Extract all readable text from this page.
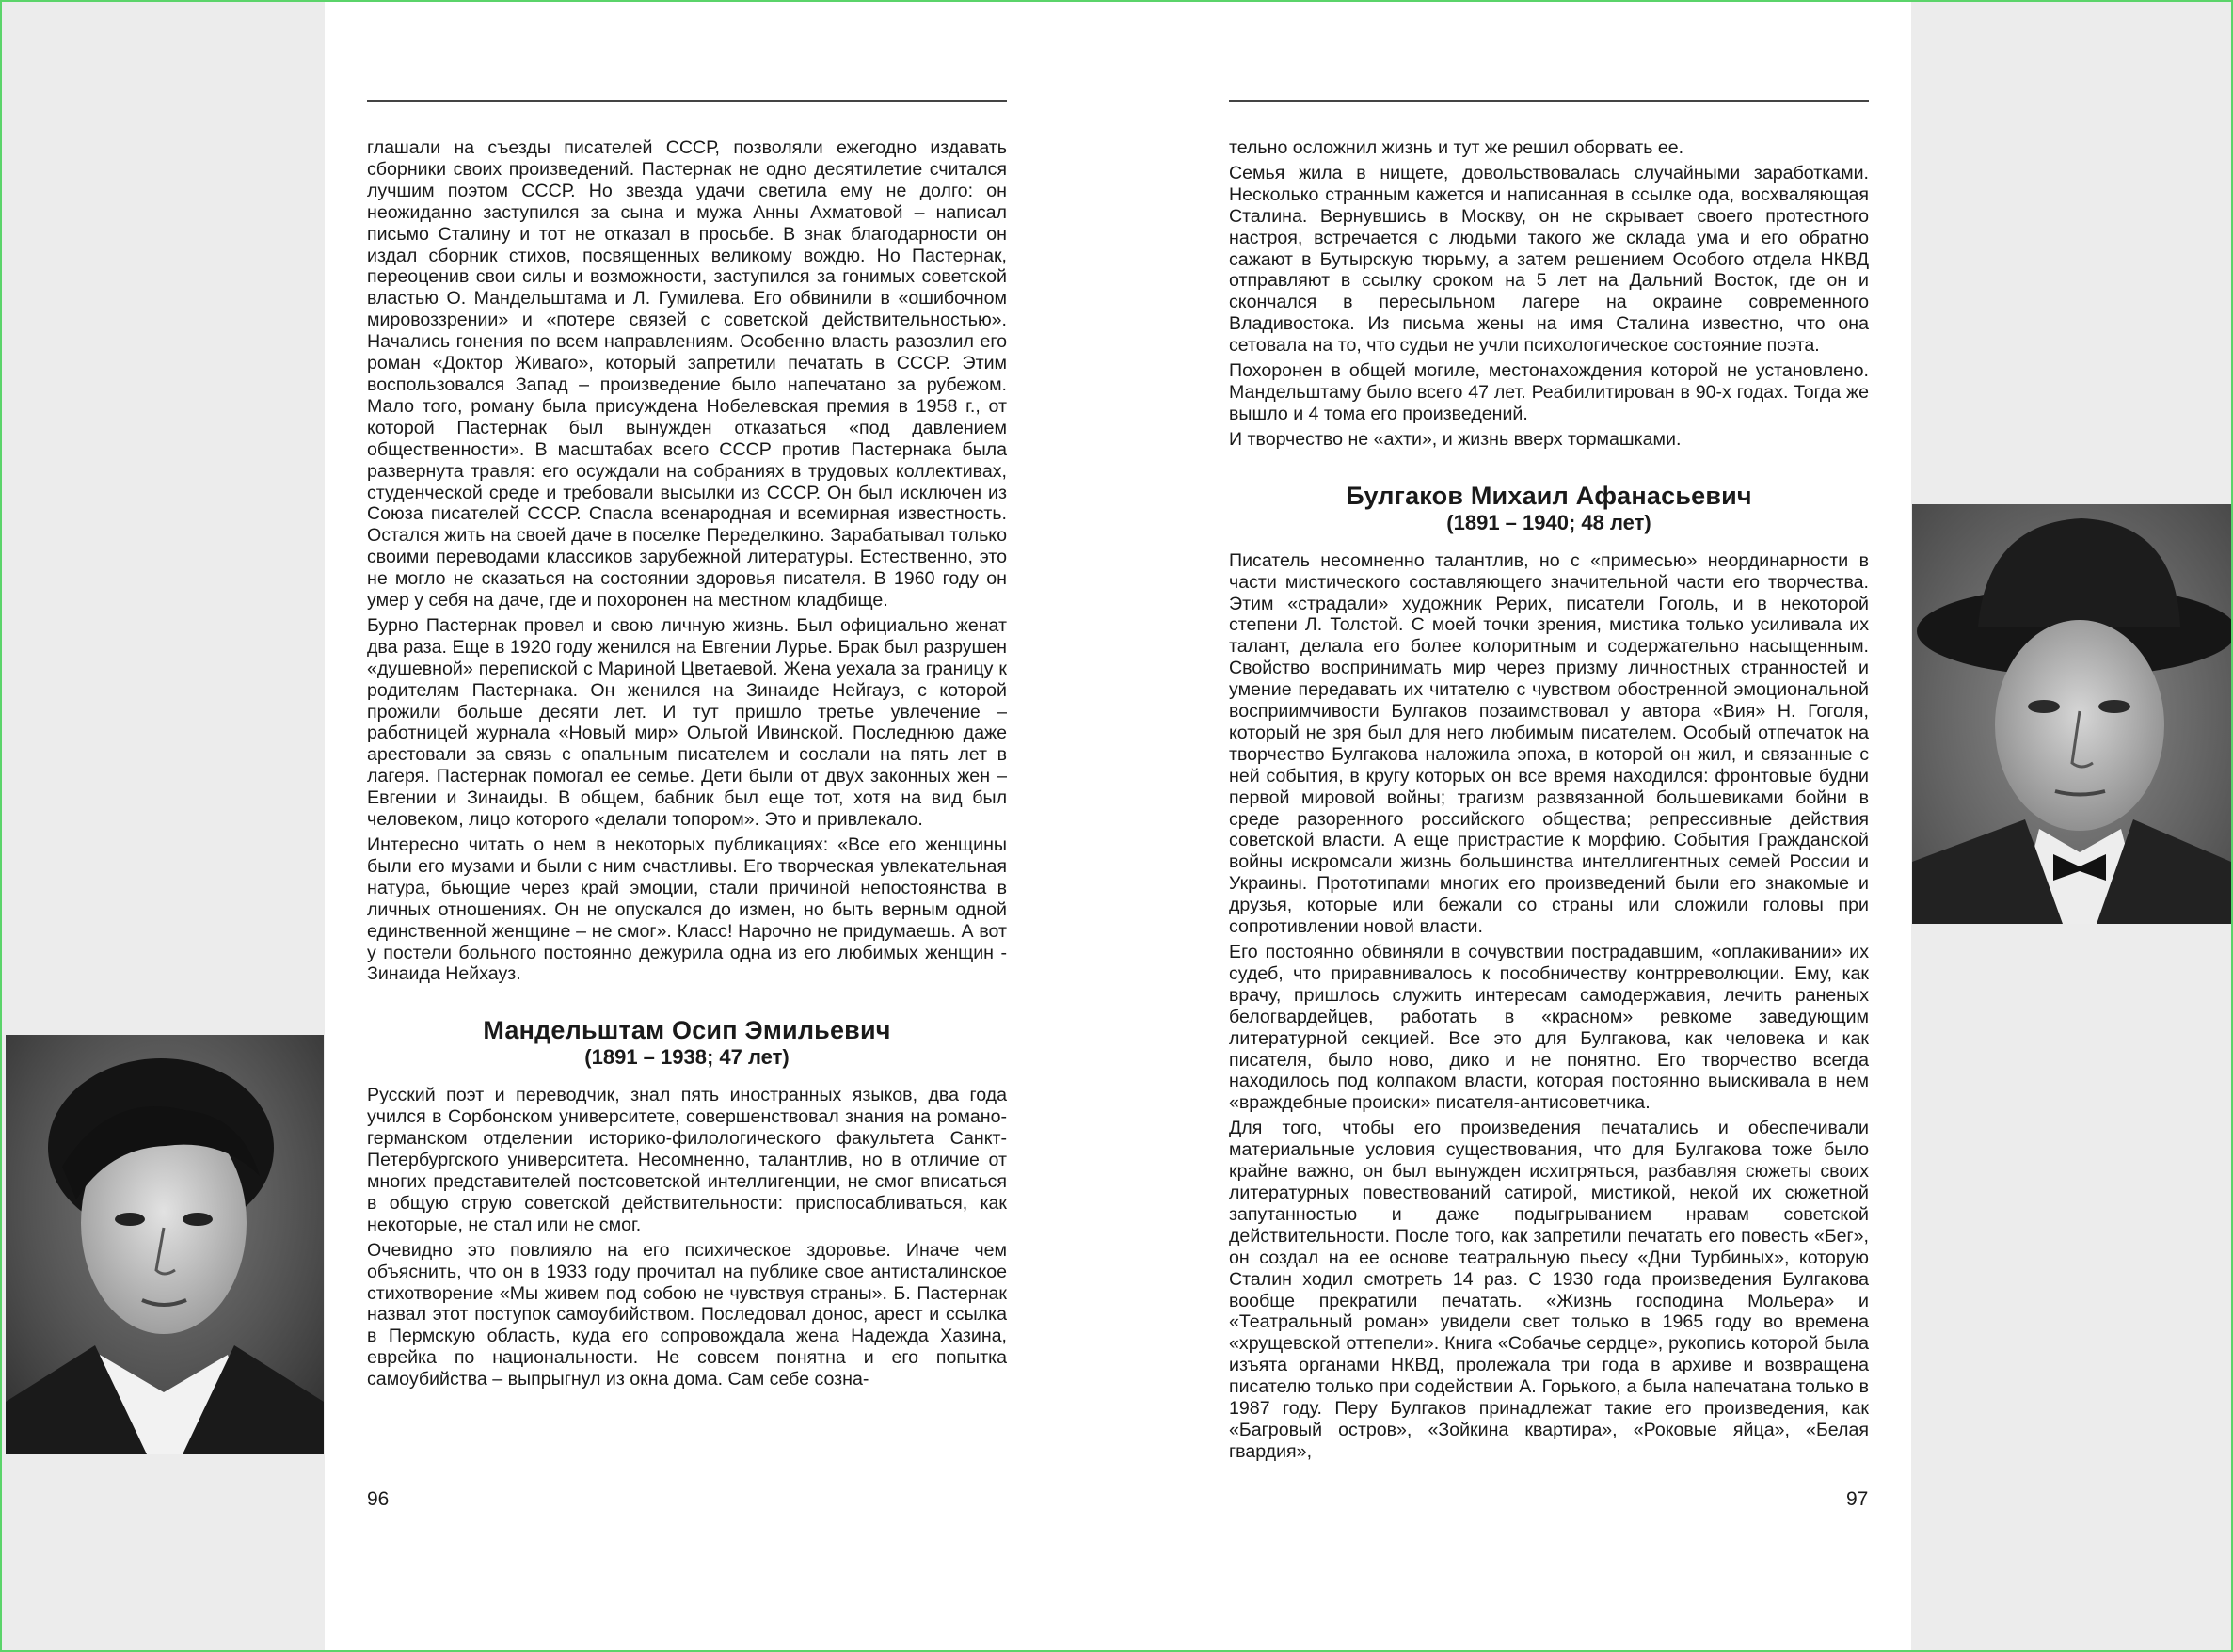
глашали на съезды писателей СССР, позволяли ежегодно издавать сборники своих произведений. Пастернак не одно десятилетие считался лучшим поэтом СССР. Но звезда удачи светила ему не долго: он неожиданно заступился за сына и мужа Анны Ахматовой – написал письмо Сталину и тот не отказал в просьбе. В знак благодарности он издал сборник стихов, посвященных великому вождю. Но Пастернак, переоценив свои силы и возможности, заступился за гонимых советской властью О. Мандельштама и Л. Гумилева. Его обвинили в «ошибочном мировоззрении» и «потере связей с советской действительностью». Начались гонения по всем направлениям. Особенно власть разозлил его роман «Доктор Живаго», который запретили печатать в СССР. Этим воспользовался Запад – произведение было напечатано за рубежом. Мало того, роману была присуждена Нобелевская премия в 1958 г., от которой Пастернак был вынужден отказаться «под давлением общественности». В масштабах всего СССР против Пастернака была развернута травля: его осуждали на собраниях в трудовых коллективах, студенческой среде и требовали высылки из СССР. Он был исключен из Союза писателей СССР. Спасла всенародная и всемирная известность. Остался жить на своей даче в поселке Переделкино. Зарабатывал только своими переводами классиков зарубежной литературы. Естественно, это не могло не сказаться на состоянии здоровья писателя. В 1960 году он умер у себя на даче, где и похоронен на местном кладбище.

Бурно Пастернак провел и свою личную жизнь. Был официально женат два раза. Еще в 1920 году женился на Евгении Лурье. Брак был разрушен «душевной» перепиской с Мариной Цветаевой. Жена уехала за границу к родителям Пастернака. Он женился на Зинаиде Нейгауз, с которой прожили больше десяти лет. И тут пришло третье увлечение – работницей журнала «Новый мир» Ольгой Ивинской. Последнюю даже арестовали за связь с опальным писателем и сослали на пять лет в лагеря. Пастернак помогал ее семье. Дети были от двух законных жен – Евгении и Зинаиды. В общем, бабник был еще тот, хотя на вид был человеком, лицо которого «делали топором». Это и привлекало.

Интересно читать о нем в некоторых публикациях: «Все его женщины были его музами и были с ним счастливы. Его творческая увлекательная натура, бьющие через край эмоции, стали причиной непостоянства в личных отношениях. Он не опускался до измен, но быть верным одной единственной женщине – не смог». Класс! Нарочно не придумаешь. А вот у постели больного постоянно дежурила одна из его любимых женщин - Зинаида Нейхауз.

Мандельштам Осип Эмильевич
(1891 – 1938; 47 лет)

Русский поэт и переводчик, знал пять иностранных языков, два года учился в Сорбонском университете, совершенствовал знания на романо-германском отделении историко-филологического факультета Санкт-Петербургского университета. Несомненно, талантлив, но в отличие от многих представителей постсоветской интеллигенции, не смог вписаться в общую струю советской действительности: приспосабливаться, как некоторые, не стал или не смог.

Очевидно это повлияло на его психическое здоровье. Иначе чем объяснить, что он в 1933 году прочитал на публике свое антисталинское стихотворение «Мы живем под собою не чувствуя страны». Б. Пастернак назвал этот поступок самоубийством. Последовал донос, арест и ссылка в Пермскую область, куда его сопровождала жена Надежда Хазина, еврейка по национальности. Не совсем понятна и его попытка самоубийства – выпрыгнул из окна дома. Сам себе созна-

тельно осложнил жизнь и тут же решил оборвать ее.

Семья жила в нищете, довольствовалась случайными заработками. Несколько странным кажется и написанная в ссылке ода, восхваляющая Сталина. Вернувшись в Москву, он не скрывает своего протестного настроя, встречается с людьми такого же склада ума и его обратно сажают в Бутырскую тюрьму, а затем решением Особого отдела НКВД отправляют в ссылку сроком на 5 лет на Дальний Восток, где он и скончался в пересыльном лагере на окраине современного Владивостока. Из письма жены на имя Сталина известно, что она сетовала на то, что судьи не учли психологическое состояние поэта.

Похоронен в общей могиле, местонахождения которой не установлено. Мандельштаму было всего 47 лет. Реабилитирован в 90-х годах. Тогда же вышло и 4 тома его произведений.

И творчество не «ахти», и жизнь вверх тормашками.

Булгаков Михаил Афанасьевич
(1891 – 1940; 48 лет)

Писатель несомненно талантлив, но с «примесью» неординарности в части мистического составляющего значительной части его творчества. Этим «страдали» художник Рерих, писатели Гоголь, и в некоторой степени Л. Толстой. С моей точки зрения, мистика только усиливала их талант, делала его более колоритным и содержательно насыщенным. Свойство воспринимать мир через призму личностных странностей и умение передавать их читателю с чувством обостренной эмоциональной восприимчивости Булгаков позаимствовал у автора «Вия» Н. Гоголя, который не зря был для него любимым писателем. Особый отпечаток на творчество Булгакова наложила эпоха, в которой он жил, и связанные с ней события, в кругу которых он все время находился: фронтовые будни первой мировой войны; трагизм развязанной большевиками бойни в среде разоренного российского общества; репрессивные действия советской власти. А еще пристрастие к морфию. События Гражданской войны искромсали жизнь большинства интеллигентных семей России и Украины. Прототипами многих его произведений были его знакомые и друзья, которые или бежали со страны или сложили головы при сопротивлении новой власти.

Его постоянно обвиняли в сочувствии пострадавшим, «оплакивании» их судеб, что приравнивалось к пособничеству контрреволюции. Ему, как врачу, пришлось служить интересам самодержавия, лечить раненых белогвардейцев, работать в «красном» ревкоме заведующим литературной секцией. Все это для Булгакова, как человека и как писателя, было ново, дико и не понятно. Его творчество всегда находилось под колпаком власти, которая постоянно выискивала в нем «враждебные происки» писателя-антисоветчика.

Для того, чтобы его произведения печатались и обеспечивали материальные условия существования, что для Булгакова тоже было крайне важно, он был вынужден исхитряться, разбавляя сюжеты своих литературных повествований сатирой, мистикой, некой их сюжетной запутанностью и даже подыгрыванием нравам советской действительности. После того, как запретили печатать его повесть «Бег», он создал на ее основе театральную пьесу «Дни Турбиных», которую Сталин ходил смотреть 14 раз. С 1930 года произведения Булгакова вообще прекратили печатать. «Жизнь господина Мольера» и «Театральный роман» увидели свет только в 1965 году во времена «хрущевской оттепели». Книга «Собачье сердце», рукопись которой была изъята органами НКВД, пролежала три года в архиве и возвращена писателю только при содействии А. Горького, а была напечатана только в 1987 году. Перу Булгаков принадлежат такие его произведения, как «Багровый остров», «Зойкина квартира», «Роковые яйца», «Белая гвардия»,

96	97
